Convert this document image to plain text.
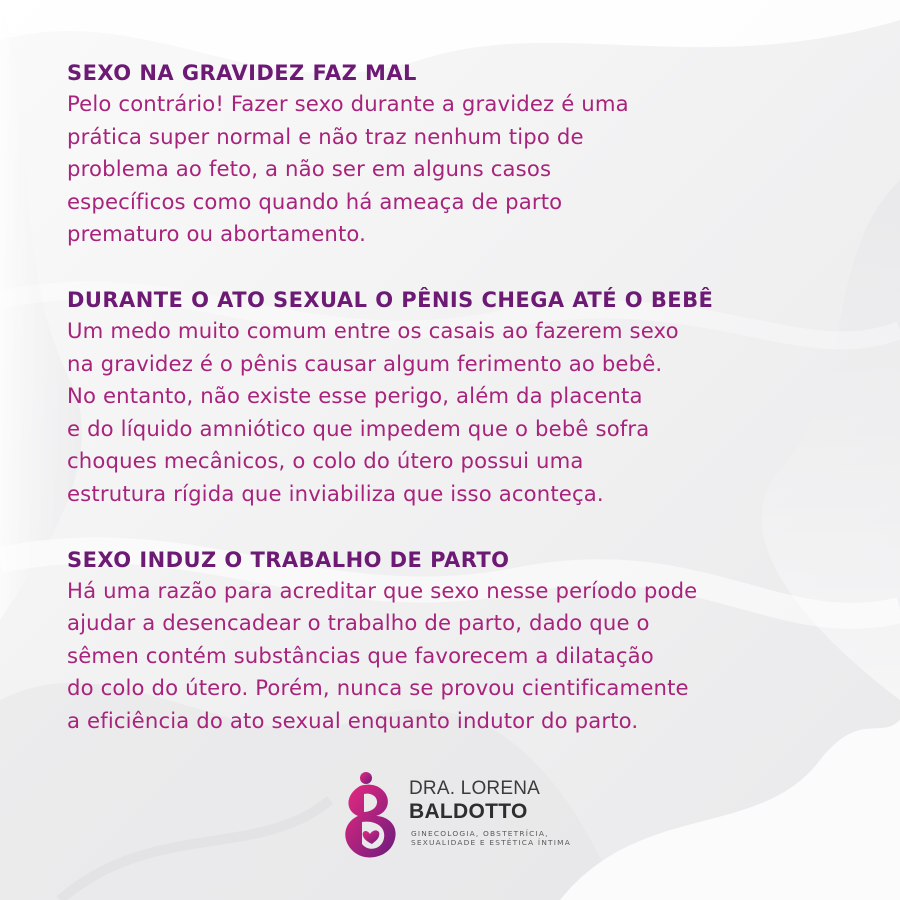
SEXO NA GRAVIDEZ FAZ MAL
Pelo contrário! Fazer sexo durante a gravidez é uma
prática super normal e não traz nenhum tipo de
problema ao feto, a não ser em alguns casos
específicos como quando há ameaça de parto
prematuro ou abortamento.
DURANTE O ATO SEXUAL O PÊNIS CHEGA ATÉ O BEBÊ
Um medo muito comum entre os casais ao fazerem sexo
na gravidez é o pênis causar algum ferimento ao bebê.
No entanto, não existe esse perigo, além da placenta
e do líquido amniótico que impedem que o bebê sofra
choques mecânicos, o colo do útero possui uma
estrutura rígida que inviabiliza que isso aconteça.
SEXO INDUZ O TRABALHO DE PARTO
Há uma razão para acreditar que sexo nesse período pode
ajudar a desencadear o trabalho de parto, dado que o
sêmen contém substâncias que favorecem a dilatação
do colo do útero. Porém, nunca se provou cientificamente
a eficiência do ato sexual enquanto indutor do parto.
DRA. LORENA
BALDOTTO
GINECOLOGIA, OBSTETRÍCIA,
SEXUALIDADE E ESTÉTICA ÍNTIMA
